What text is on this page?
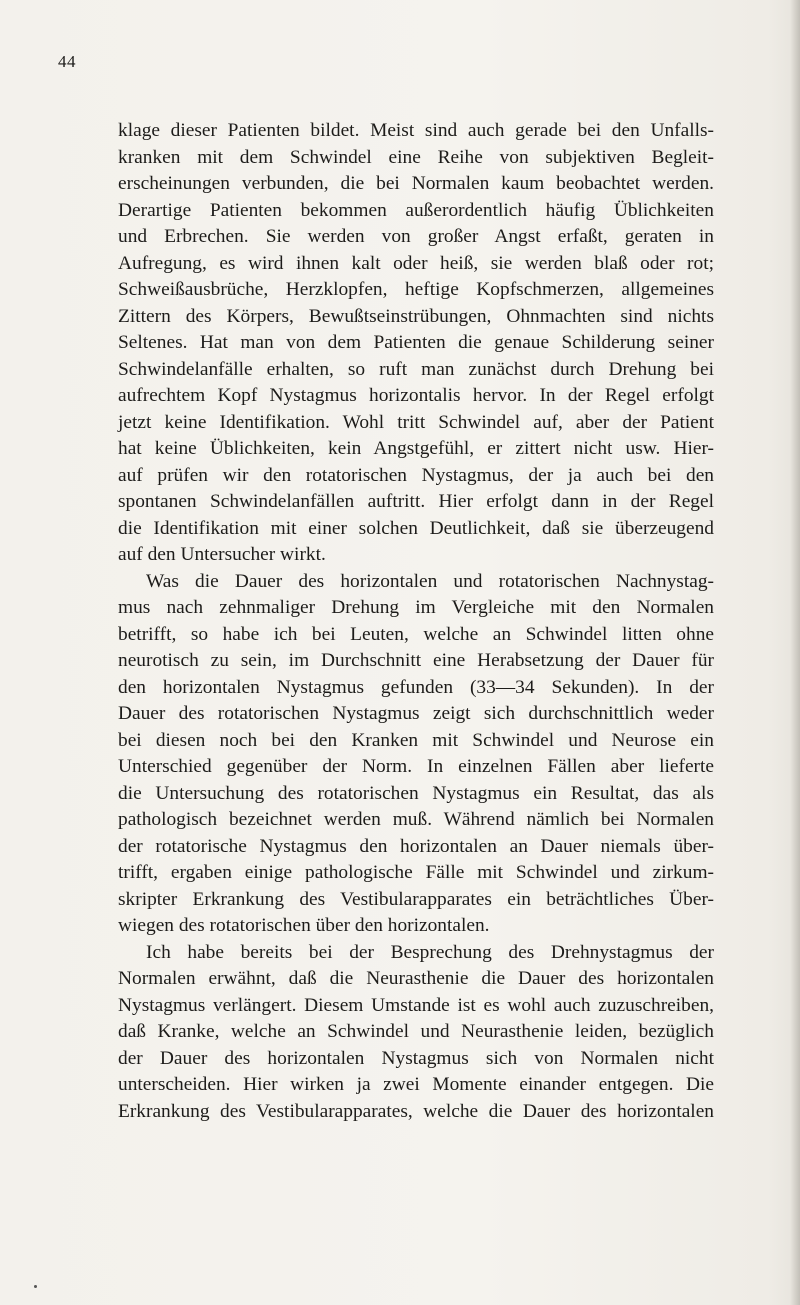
44
klage dieser Patienten bildet. Meist sind auch gerade bei den Unfalls-
kranken mit dem Schwindel eine Reihe von subjektiven Begleit-
erscheinungen verbunden, die bei Normalen kaum beobachtet werden.
Derartige Patienten bekommen außerordentlich häufig Üblichkeiten
und Erbrechen. Sie werden von großer Angst erfaßt, geraten in
Aufregung, es wird ihnen kalt oder heiß, sie werden blaß oder rot;
Schweißausbrüche, Herzklopfen, heftige Kopfschmerzen, allgemeines
Zittern des Körpers, Bewußtseinstrübungen, Ohnmachten sind nichts
Seltenes. Hat man von dem Patienten die genaue Schilderung seiner
Schwindelanfälle erhalten, so ruft man zunächst durch Drehung bei
aufrechtem Kopf Nystagmus horizontalis hervor. In der Regel erfolgt
jetzt keine Identifikation. Wohl tritt Schwindel auf, aber der Patient
hat keine Üblichkeiten, kein Angstgefühl, er zittert nicht usw. Hier-
auf prüfen wir den rotatorischen Nystagmus, der ja auch bei den
spontanen Schwindelanfällen auftritt. Hier erfolgt dann in der Regel
die Identifikation mit einer solchen Deutlichkeit, daß sie überzeugend
auf den Untersucher wirkt.
Was die Dauer des horizontalen und rotatorischen Nachnystag-
mus nach zehnmaliger Drehung im Vergleiche mit den Normalen
betrifft, so habe ich bei Leuten, welche an Schwindel litten ohne
neurotisch zu sein, im Durchschnitt eine Herabsetzung der Dauer für
den horizontalen Nystagmus gefunden (33—34 Sekunden). In der
Dauer des rotatorischen Nystagmus zeigt sich durchschnittlich weder
bei diesen noch bei den Kranken mit Schwindel und Neurose ein
Unterschied gegenüber der Norm. In einzelnen Fällen aber lieferte
die Untersuchung des rotatorischen Nystagmus ein Resultat, das als
pathologisch bezeichnet werden muß. Während nämlich bei Normalen
der rotatorische Nystagmus den horizontalen an Dauer niemals über-
trifft, ergaben einige pathologische Fälle mit Schwindel und zirkum-
skripter Erkrankung des Vestibularapparates ein beträchtliches Über-
wiegen des rotatorischen über den horizontalen.
Ich habe bereits bei der Besprechung des Drehnystagmus der
Normalen erwähnt, daß die Neurasthenie die Dauer des horizontalen
Nystagmus verlängert. Diesem Umstande ist es wohl auch zuzuschreiben,
daß Kranke, welche an Schwindel und Neurasthenie leiden, bezüglich
der Dauer des horizontalen Nystagmus sich von Normalen nicht
unterscheiden. Hier wirken ja zwei Momente einander entgegen. Die
Erkrankung des Vestibularapparates, welche die Dauer des horizontalen
